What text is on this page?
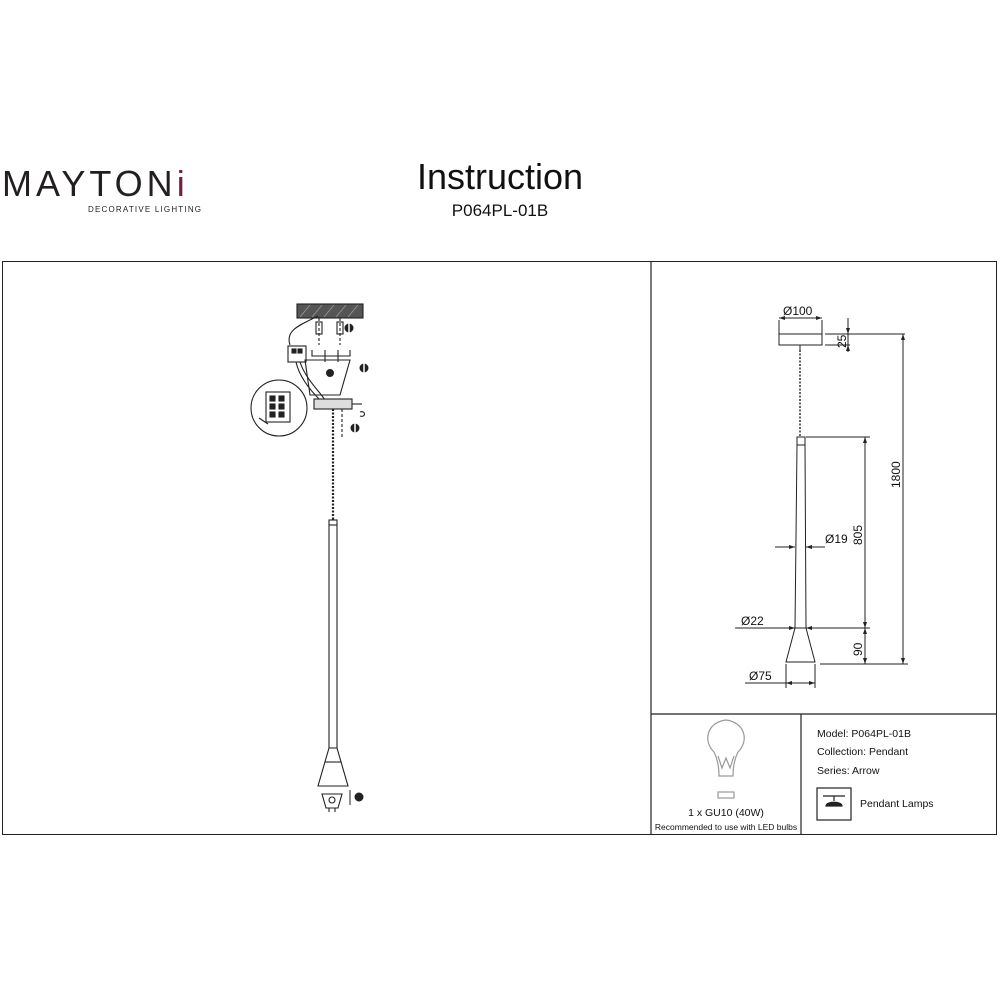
MAYTONi
DECORATIVE LIGHTING
Instruction
P064PL-01B
Ø100
25
1800
805
Ø19
90
Ø22
Ø75
1 x GU10 (40W)
Recommended to use with LED bulbs
Model: P064PL-01B
Collection: Pendant
Series: Arrow
Pendant Lamps
